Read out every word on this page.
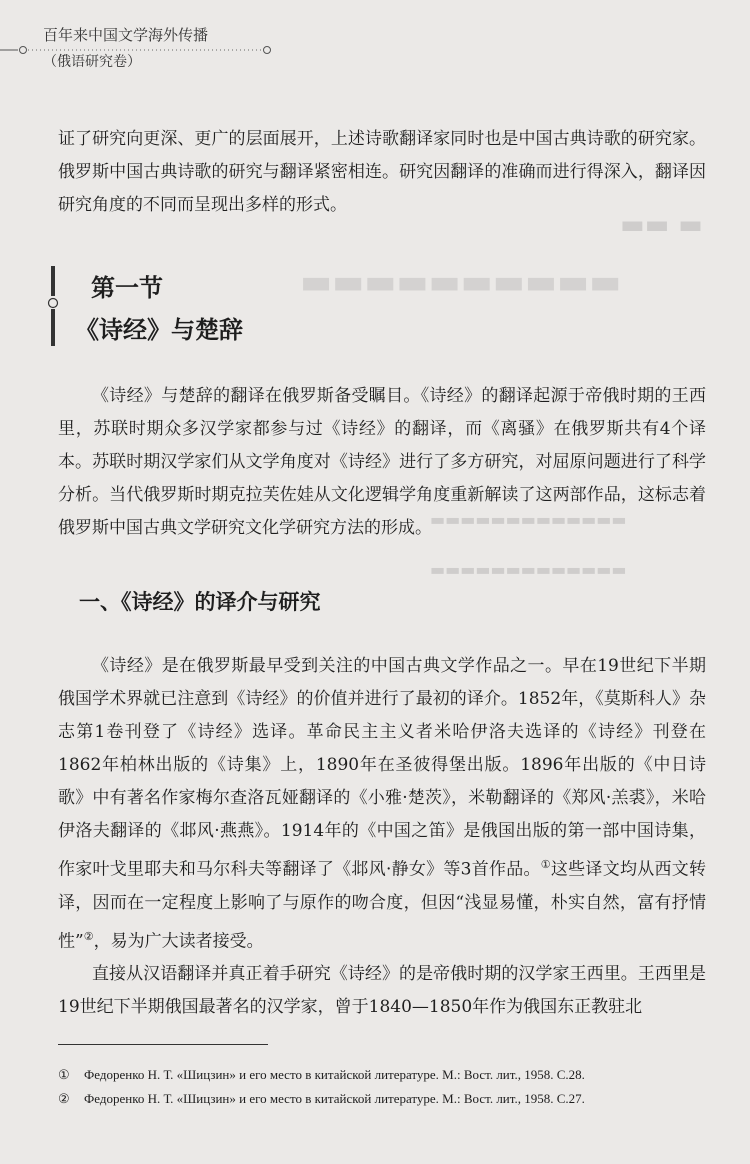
▬▬ ▬
▬▬▬▬▬▬▬▬▬▬
▬▬▬▬▬▬▬▬▬▬▬▬▬
▬▬▬▬▬▬▬▬▬▬▬▬▬
百年来中国文学海外传播
（俄语研究卷）

证了研究向更深、更广的层面展开，上述诗歌翻译家同时也是中国古典诗歌的研究家。俄罗斯中国古典诗歌的研究与翻译紧密相连。研究因翻译的准确而进行得深入，翻译因研究角度的不同而呈现出多样的形式。

第一节
《诗经》与楚辞

《诗经》与楚辞的翻译在俄罗斯备受瞩目。《诗经》的翻译起源于帝俄时期的王西里，苏联时期众多汉学家都参与过《诗经》的翻译，而《离骚》在俄罗斯共有4个译本。苏联时期汉学家们从文学角度对《诗经》进行了多方研究，对屈原问题进行了科学分析。当代俄罗斯时期克拉芙佐娃从文化逻辑学角度重新解读了这两部作品，这标志着俄罗斯中国古典文学研究文化学研究方法的形成。

一、《诗经》的译介与研究

《诗经》是在俄罗斯最早受到关注的中国古典文学作品之一。早在19世纪下半期俄国学术界就已注意到《诗经》的价值并进行了最初的译介。1852年，《莫斯科人》杂志第1卷刊登了《诗经》选译。革命民主主义者米哈伊洛夫选译的《诗经》刊登在1862年柏林出版的《诗集》上，1890年在圣彼得堡出版。1896年出版的《中日诗歌》中有著名作家梅尔查洛瓦娅翻译的《小雅·楚茨》，米勒翻译的《郑风·羔裘》，米哈伊洛夫翻译的《邶风·燕燕》。1914年的《中国之笛》是俄国出版的第一部中国诗集，作家叶戈里耶夫和马尔科夫等翻译了《邶风·静女》等3首作品。①这些译文均从西文转译，因而在一定程度上影响了与原作的吻合度，但因“浅显易懂，朴实自然，富有抒情性”②，易为广大读者接受。

直接从汉语翻译并真正着手研究《诗经》的是帝俄时期的汉学家王西里。王西里是19世纪下半期俄国最著名的汉学家，曾于1840—1850年作为俄国东正教驻北

① Федоренко Н. Т. «Шицзин» и его место в китайской литературе. М.: Вост. лит., 1958. С.28.
② Федоренко Н. Т. «Шицзин» и его место в китайской литературе. М.: Вост. лит., 1958. С.27.
